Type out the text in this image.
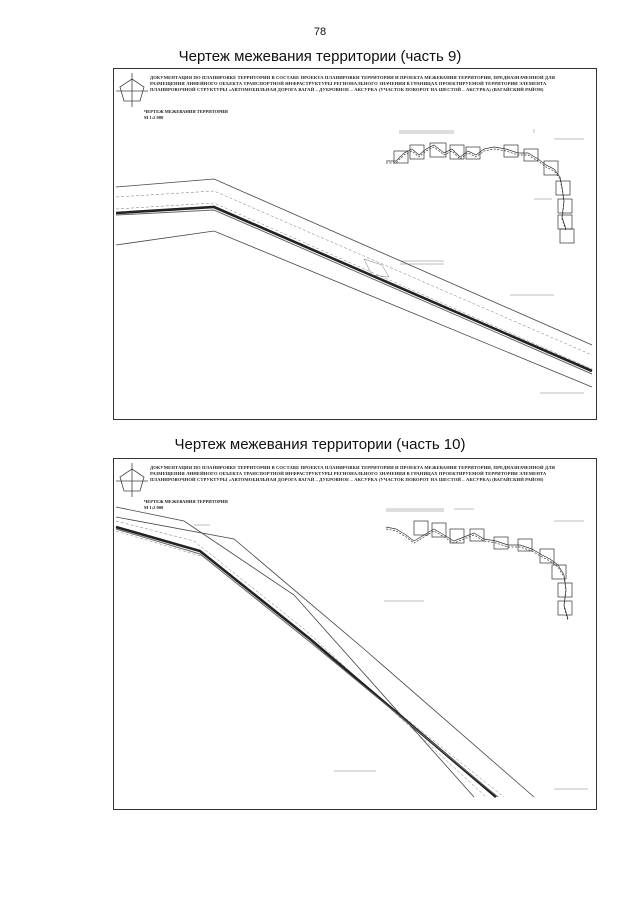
78
Чертеж межевания территории (часть 9)
ДОКУМЕНТАЦИЯ ПО ПЛАНИРОВКЕ ТЕРРИТОРИИ В СОСТАВЕ ПРОЕКТА ПЛАНИРОВКИ ТЕРРИТОРИИ И ПРОЕКТА МЕЖЕВАНИЯ ТЕРРИТОРИИ, ПРЕДНАЗНАЧЕННОЙ ДЛЯ РАЗМЕЩЕНИЯ ЛИНЕЙНОГО ОБЪЕКТА ТРАНСПОРТНОЙ ИНФРАСТРУКТУРЫ РЕГИОНАЛЬНОГО ЗНАЧЕНИЯ В ГРАНИЦАХ ПРОЕКТИРУЕМОЙ ТЕРРИТОРИИ ЭЛЕМЕНТА ПЛАНИРОВОЧНОЙ СТРУКТУРЫ «АВТОМОБИЛЬНАЯ ДОРОГА ВАГАЙ – ДУБРОВНОЕ – АКСУРКА (УЧАСТОК ПОВОРОТ НА ШЕСТОЙ – АКСУРКА) (ВАГАЙСКИЙ РАЙОН)
ЧЕРТЕЖ МЕЖЕВАНИЯ ТЕРРИТОРИИ
М 1:2 000
Чертеж межевания территории (часть 10)
ДОКУМЕНТАЦИЯ ПО ПЛАНИРОВКЕ ТЕРРИТОРИИ В СОСТАВЕ ПРОЕКТА ПЛАНИРОВКИ ТЕРРИТОРИИ И ПРОЕКТА МЕЖЕВАНИЯ ТЕРРИТОРИИ, ПРЕДНАЗНАЧЕННОЙ ДЛЯ РАЗМЕЩЕНИЯ ЛИНЕЙНОГО ОБЪЕКТА ТРАНСПОРТНОЙ ИНФРАСТРУКТУРЫ РЕГИОНАЛЬНОГО ЗНАЧЕНИЯ В ГРАНИЦАХ ПРОЕКТИРУЕМОЙ ТЕРРИТОРИИ ЭЛЕМЕНТА ПЛАНИРОВОЧНОЙ СТРУКТУРЫ «АВТОМОБИЛЬНАЯ ДОРОГА ВАГАЙ – ДУБРОВНОЕ – АКСУРКА (УЧАСТОК ПОВОРОТ НА ШЕСТОЙ – АКСУРКА) (ВАГАЙСКИЙ РАЙОН)
ЧЕРТЕЖ МЕЖЕВАНИЯ ТЕРРИТОРИИ
М 1:2 000
